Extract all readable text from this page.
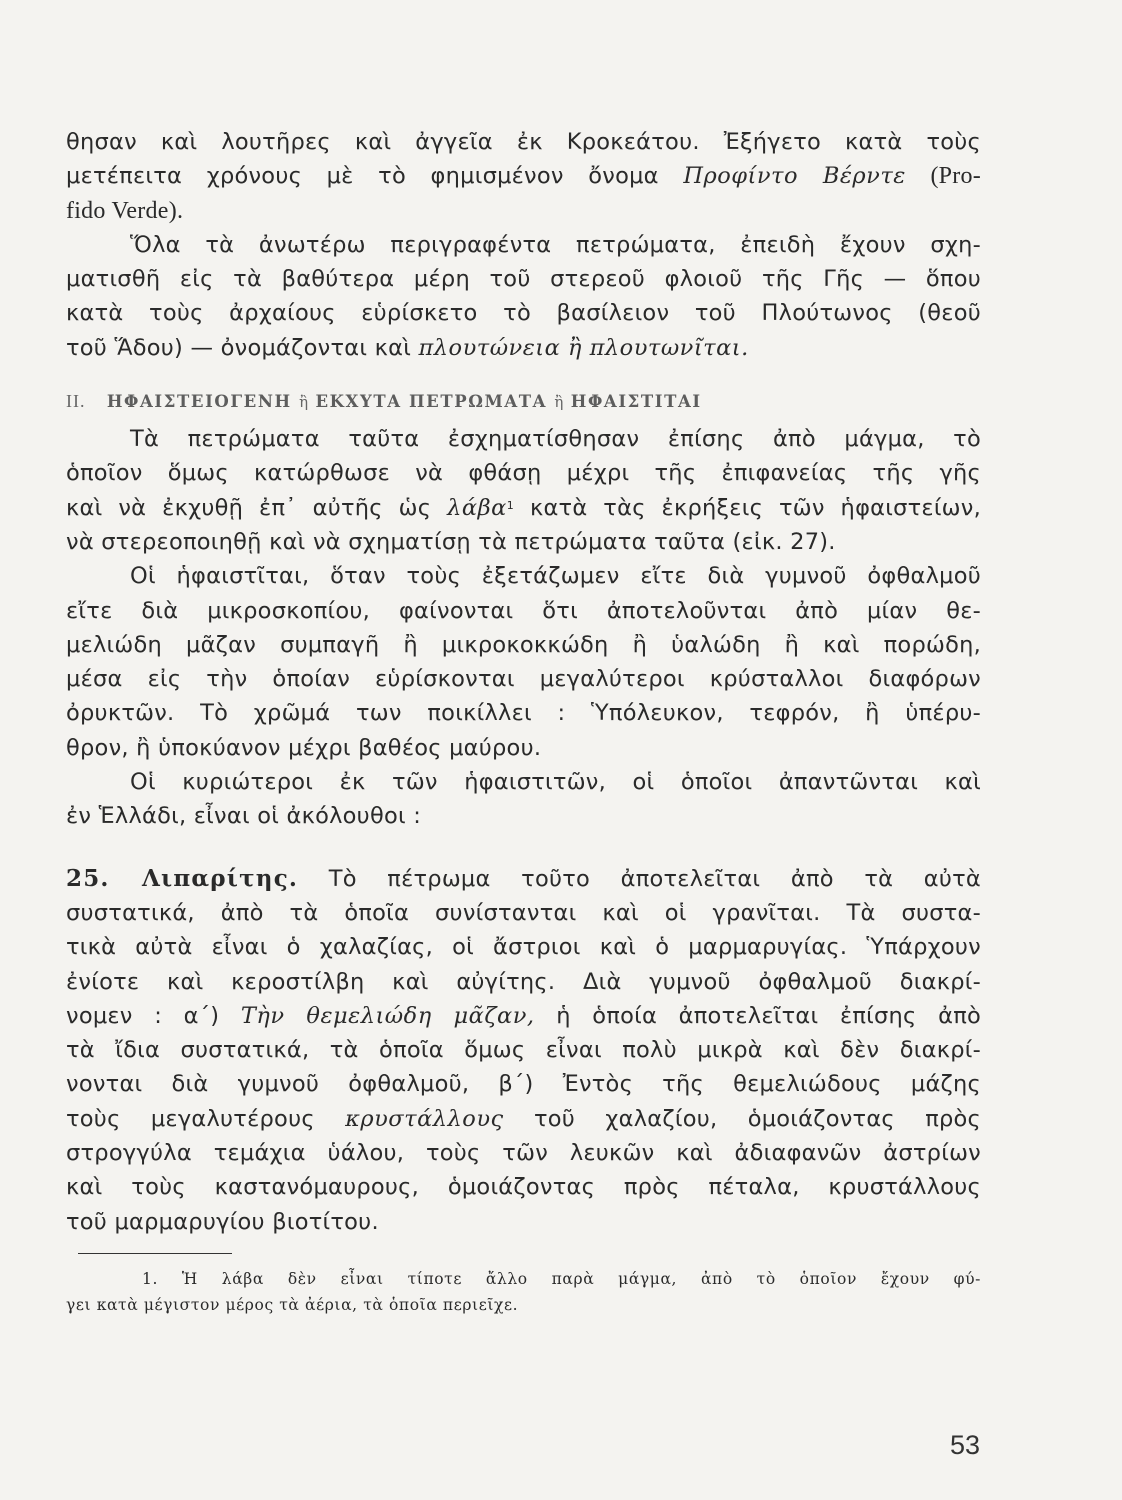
θησαν καὶ λουτῆρες καὶ ἀγγεῖα ἐκ Κροκεάτου. Ἐξήγετο κατὰ τοὺς
μετέπειτα χρόνους μὲ τὸ φημισμένον ὄνομα Προφίντο Βέρντε (Pro-
fido Verde).
Ὅλα τὰ ἀνωτέρω περιγραφέντα πετρώματα, ἐπειδὴ ἔχουν σχη-
ματισθῆ εἰς τὰ βαθύτερα μέρη τοῦ στερεοῦ φλοιοῦ τῆς Γῆς — ὅπου
κατὰ τοὺς ἀρχαίους εὑρίσκετο τὸ βασίλειον τοῦ Πλούτωνος (θεοῦ
τοῦ Ἅδου) — ὀνομάζονται καὶ πλουτώνεια ἢ πλουτωνῖται.
II. ΗΦΑΙΣΤΕΙΟΓΕΝΗ ἢ ΕΚΧΥΤΑ ΠΕΤΡΩΜΑΤΑ ἢ ΗΦΑΙΣΤΙΤΑΙ
Τὰ πετρώματα ταῦτα ἐσχηματίσθησαν ἐπίσης ἀπὸ μάγμα, τὸ
ὁποῖον ὅμως κατώρθωσε νὰ φθάσῃ μέχρι τῆς ἐπιφανείας τῆς γῆς
καὶ νὰ ἐκχυθῇ ἐπ᾽ αὐτῆς ὡς λάβα$^1$ κατὰ τὰς ἐκρήξεις τῶν ἡφαιστείων,
νὰ στερεοποιηθῇ καὶ νὰ σχηματίσῃ τὰ πετρώματα ταῦτα (εἰκ. 27).
Οἱ ἡφαιστῖται, ὅταν τοὺς ἐξετάζωμεν εἴτε διὰ γυμνοῦ ὀφθαλμοῦ
εἴτε διὰ μικροσκοπίου, φαίνονται ὅτι ἀποτελοῦνται ἀπὸ μίαν θε-
μελιώδη μᾶζαν συμπαγῆ ἢ μικροκοκκώδη ἢ ὑαλώδη ἢ καὶ πορώδη,
μέσα εἰς τὴν ὁποίαν εὑρίσκονται μεγαλύτεροι κρύσταλλοι διαφόρων
ὀρυκτῶν. Τὸ χρῶμά των ποικίλλει : Ὑπόλευκον, τεφρόν, ἢ ὑπέρυ-
θρον, ἢ ὑποκύανον μέχρι βαθέος μαύρου.
Οἱ κυριώτεροι ἐκ τῶν ἡφαιστιτῶν, οἱ ὁποῖοι ἀπαντῶνται καὶ
ἐν Ἑλλάδι, εἶναι οἱ ἀκόλουθοι :
25. Λιπαρίτης. Τὸ πέτρωμα τοῦτο ἀποτελεῖται ἀπὸ τὰ αὐτὰ
συστατικά, ἀπὸ τὰ ὁποῖα συνίστανται καὶ οἱ γρανῖται. Τὰ συστα-
τικὰ αὐτὰ εἶναι ὁ χαλαζίας, οἱ ἄστριοι καὶ ὁ μαρμαρυγίας. Ὑπάρχουν
ἐνίοτε καὶ κεροστίλβη καὶ αὐγίτης. Διὰ γυμνοῦ ὀφθαλμοῦ διακρί-
νομεν : α΄) Τὴν θεμελιώδη μᾶζαν, ἡ ὁποία ἀποτελεῖται ἐπίσης ἀπὸ
τὰ ἴδια συστατικά, τὰ ὁποῖα ὅμως εἶναι πολὺ μικρὰ καὶ δὲν διακρί-
νονται διὰ γυμνοῦ ὀφθαλμοῦ, β΄) Ἐντὸς τῆς θεμελιώδους μάζης
τοὺς μεγαλυτέρους κρυστάλλους τοῦ χαλαζίου, ὁμοιάζοντας πρὸς
στρογγύλα τεμάχια ὑάλου, τοὺς τῶν λευκῶν καὶ ἀδιαφανῶν ἀστρίων
καὶ τοὺς καστανόμαυρους, ὁμοιάζοντας πρὸς πέταλα, κρυστάλλους
τοῦ μαρμαρυγίου βιοτίτου.
1. Ἡ λάβα δὲν εἶναι τίποτε ἄλλο παρὰ μάγμα, ἀπὸ τὸ ὁποῖον ἔχουν φύ-
γει κατὰ μέγιστον μέρος τὰ ἀέρια, τὰ ὁποῖα περιεῖχε.
53
